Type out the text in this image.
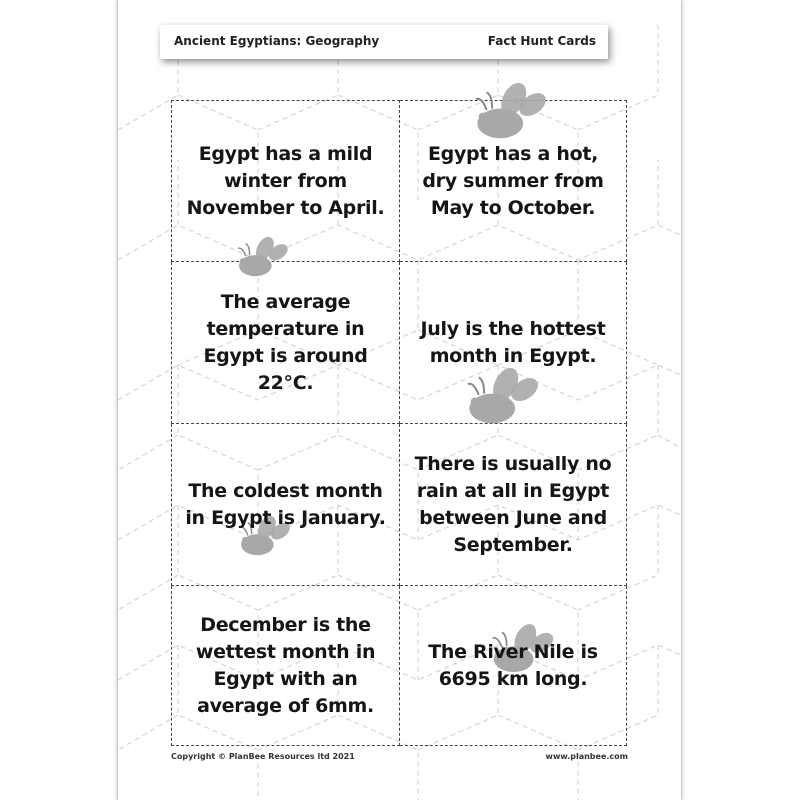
Ancient Egyptians: Geography	Fact Hunt Cards
Egypt has a mild winter from November to April.
Egypt has a hot, dry summer from May to October.
The average temperature in Egypt is around 22°C.
July is the hottest month in Egypt.
The coldest month in Egypt is January.
There is usually no rain at all in Egypt between June and September.
December is the wettest month in Egypt with an average of 6mm.
The River Nile is 6695 km long.
Copyright © PlanBee Resources ltd 2021	www.planbee.com
